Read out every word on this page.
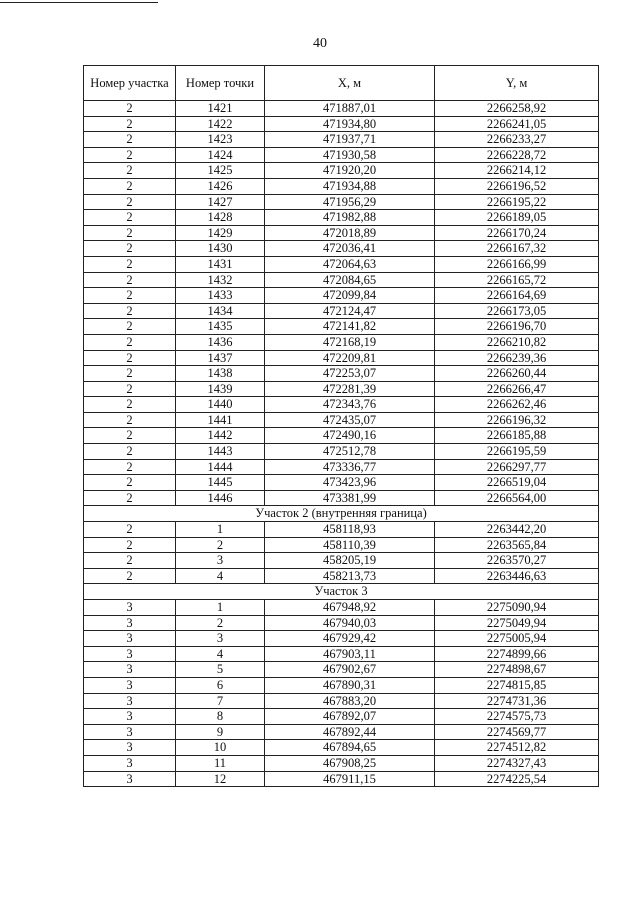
40
Номер участка	Номер точки	X, м	Y, м
2	1421	471887,01	2266258,92
2	1422	471934,80	2266241,05
2	1423	471937,71	2266233,27
2	1424	471930,58	2266228,72
2	1425	471920,20	2266214,12
2	1426	471934,88	2266196,52
2	1427	471956,29	2266195,22
2	1428	471982,88	2266189,05
2	1429	472018,89	2266170,24
2	1430	472036,41	2266167,32
2	1431	472064,63	2266166,99
2	1432	472084,65	2266165,72
2	1433	472099,84	2266164,69
2	1434	472124,47	2266173,05
2	1435	472141,82	2266196,70
2	1436	472168,19	2266210,82
2	1437	472209,81	2266239,36
2	1438	472253,07	2266260,44
2	1439	472281,39	2266266,47
2	1440	472343,76	2266262,46
2	1441	472435,07	2266196,32
2	1442	472490,16	2266185,88
2	1443	472512,78	2266195,59
2	1444	473336,77	2266297,77
2	1445	473423,96	2266519,04
2	1446	473381,99	2266564,00
Участок 2 (внутренняя граница)			
2	1	458118,93	2263442,20
2	2	458110,39	2263565,84
2	3	458205,19	2263570,27
2	4	458213,73	2263446,63
Участок 3			
3	1	467948,92	2275090,94
3	2	467940,03	2275049,94
3	3	467929,42	2275005,94
3	4	467903,11	2274899,66
3	5	467902,67	2274898,67
3	6	467890,31	2274815,85
3	7	467883,20	2274731,36
3	8	467892,07	2274575,73
3	9	467892,44	2274569,77
3	10	467894,65	2274512,82
3	11	467908,25	2274327,43
3	12	467911,15	2274225,54
